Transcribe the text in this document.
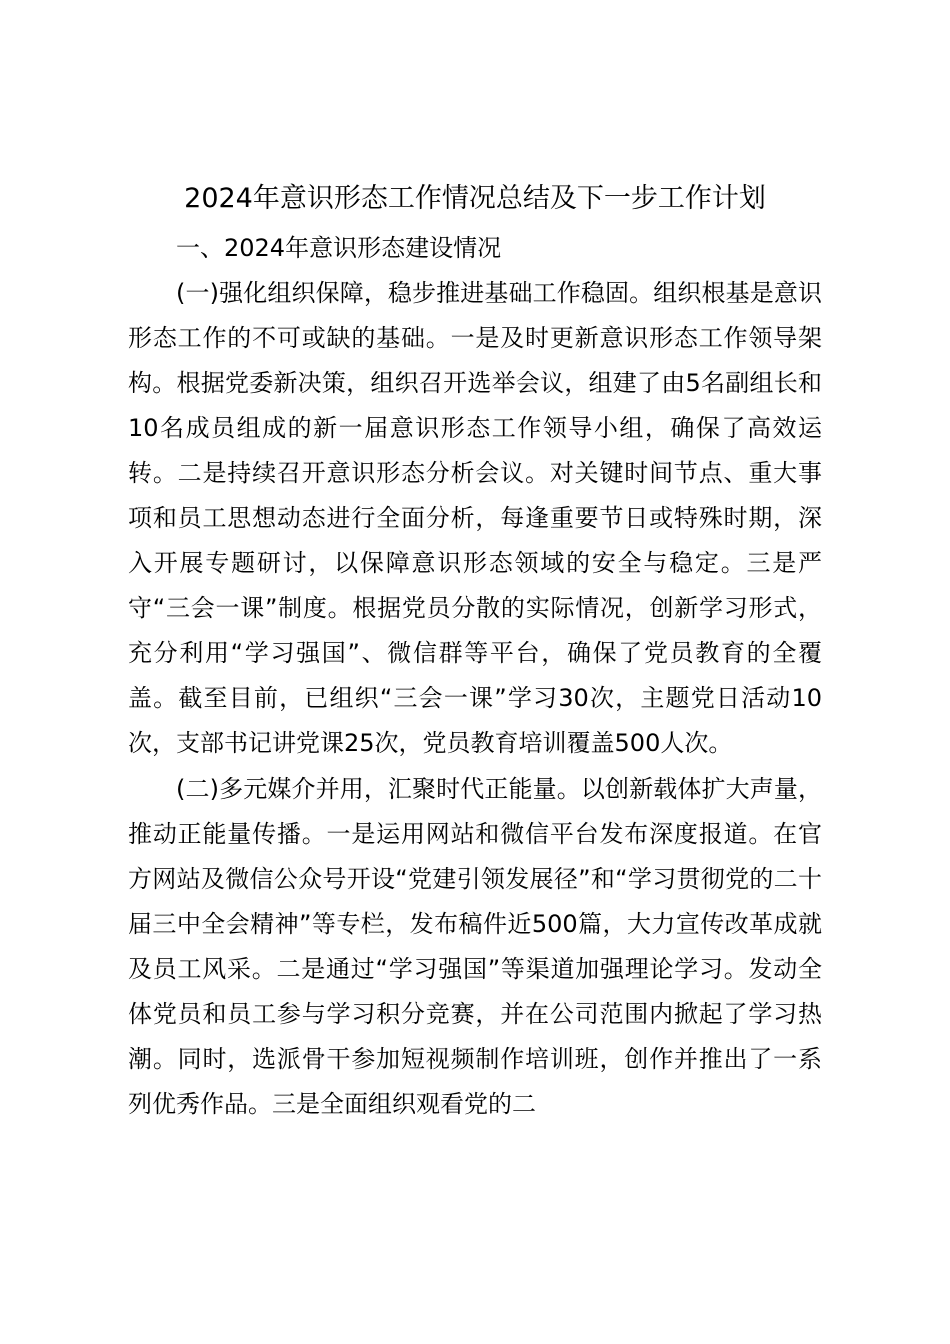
2024年意识形态工作情况总结及下一步工作计划

一、2024年意识形态建设情况

(一)强化组织保障，稳步推进基础工作稳固。组织根基是意识形态工作的不可或缺的基础。一是及时更新意识形态工作领导架构。根据党委新决策，组织召开选举会议，组建了由5名副组长和10名成员组成的新一届意识形态工作领导小组，确保了高效运转。二是持续召开意识形态分析会议。对关键时间节点、重大事项和员工思想动态进行全面分析，每逢重要节日或特殊时期，深入开展专题研讨，以保障意识形态领域的安全与稳定。三是严守“三会一课”制度。根据党员分散的实际情况，创新学习形式，充分利用“学习强国”、微信群等平台，确保了党员教育的全覆盖。截至目前，已组织“三会一课”学习30次，主题党日活动10次，支部书记讲党课25次，党员教育培训覆盖500人次。

(二)多元媒介并用，汇聚时代正能量。以创新载体扩大声量，推动正能量传播。一是运用网站和微信平台发布深度报道。在官方网站及微信公众号开设“党建引领发展径”和“学习贯彻党的二十届三中全会精神”等专栏，发布稿件近500篇，大力宣传改革成就及员工风采。二是通过“学习强国”等渠道加强理论学习。发动全体党员和员工参与学习积分竞赛，并在公司范围内掀起了学习热潮。同时，选派骨干参加短视频制作培训班，创作并推出了一系列优秀作品。三是全面组织观看党的二
